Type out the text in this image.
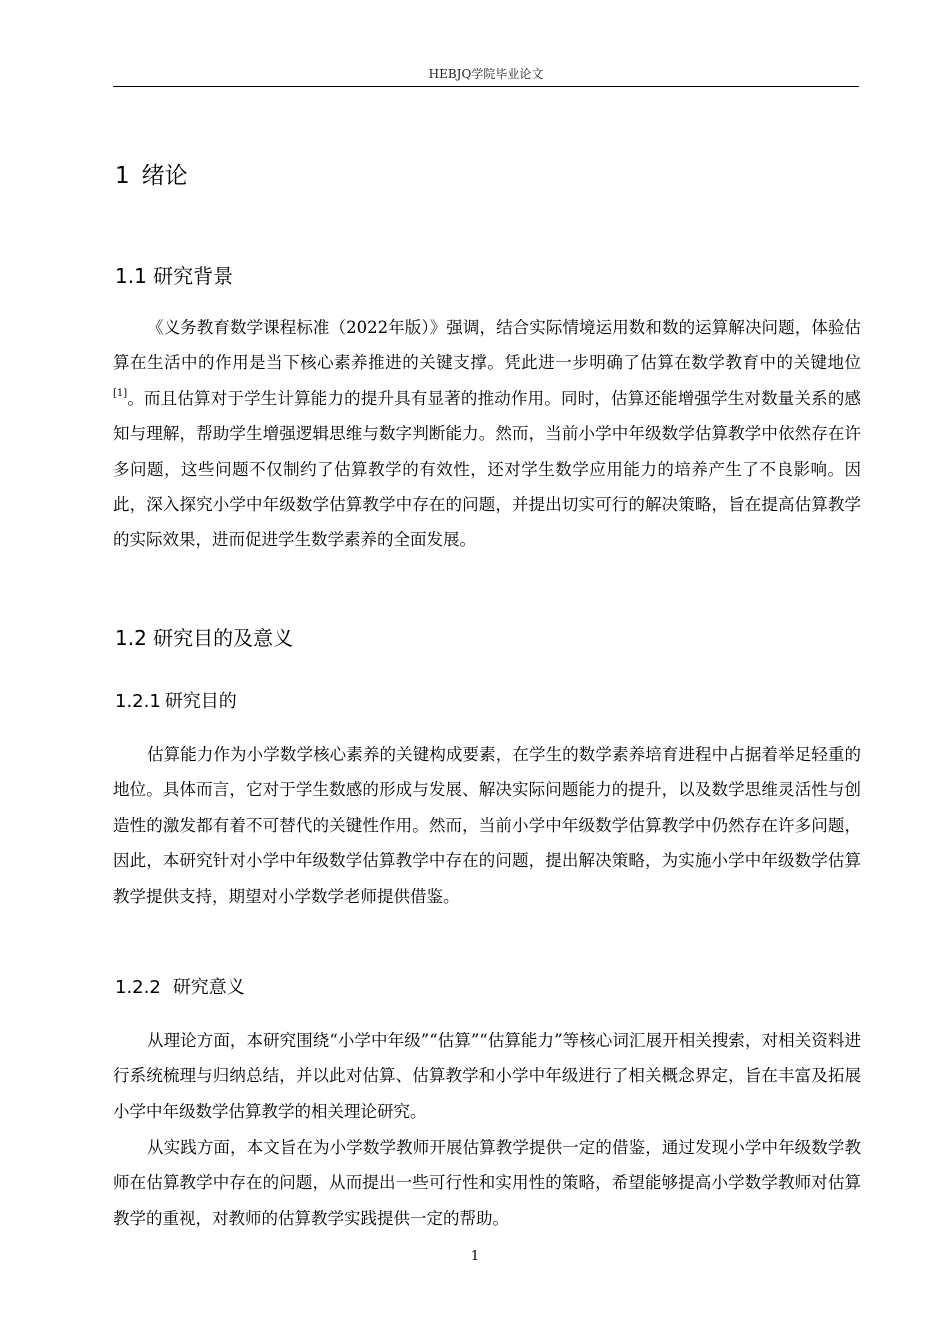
HEBJQ学院毕业论文
1 绪论
1.1 研究背景

《义务教育数学课程标准（2022年版）》强调，结合实际情境运用数和数的运算解决问题，体验估算在生活中的作用是当下核心素养推进的关键支撑。凭此进一步明确了估算在数学教育中的关键地位[1]。而且估算对于学生计算能力的提升具有显著的推动作用。同时，估算还能增强学生对数量关系的感知与理解，帮助学生增强逻辑思维与数字判断能力。然而，当前小学中年级数学估算教学中依然存在许多问题，这些问题不仅制约了估算教学的有效性，还对学生数学应用能力的培养产生了不良影响。因此，深入探究小学中年级数学估算教学中存在的问题，并提出切实可行的解决策略，旨在提高估算教学的实际效果，进而促进学生数学素养的全面发展。

1.2 研究目的及意义
1.2.1 研究目的

估算能力作为小学数学核心素养的关键构成要素，在学生的数学素养培育进程中占据着举足轻重的地位。具体而言，它对于学生数感的形成与发展、解决实际问题能力的提升，以及数学思维灵活性与创造性的激发都有着不可替代的关键性作用。然而，当前小学中年级数学估算教学中仍然存在许多问题，因此，本研究针对小学中年级数学估算教学中存在的问题，提出解决策略，为实施小学中年级数学估算教学提供支持，期望对小学数学老师提供借鉴。

1.2.2 研究意义

从理论方面，本研究围绕“小学中年级”“估算”“估算能力”等核心词汇展开相关搜索，对相关资料进行系统梳理与归纳总结，并以此对估算、估算教学和小学中年级进行了相关概念界定，旨在丰富及拓展小学中年级数学估算教学的相关理论研究。

从实践方面，本文旨在为小学数学教师开展估算教学提供一定的借鉴，通过发现小学中年级数学教师在估算教学中存在的问题，从而提出一些可行性和实用性的策略，希望能够提高小学数学教师对估算教学的重视，对教师的估算教学实践提供一定的帮助。

1
